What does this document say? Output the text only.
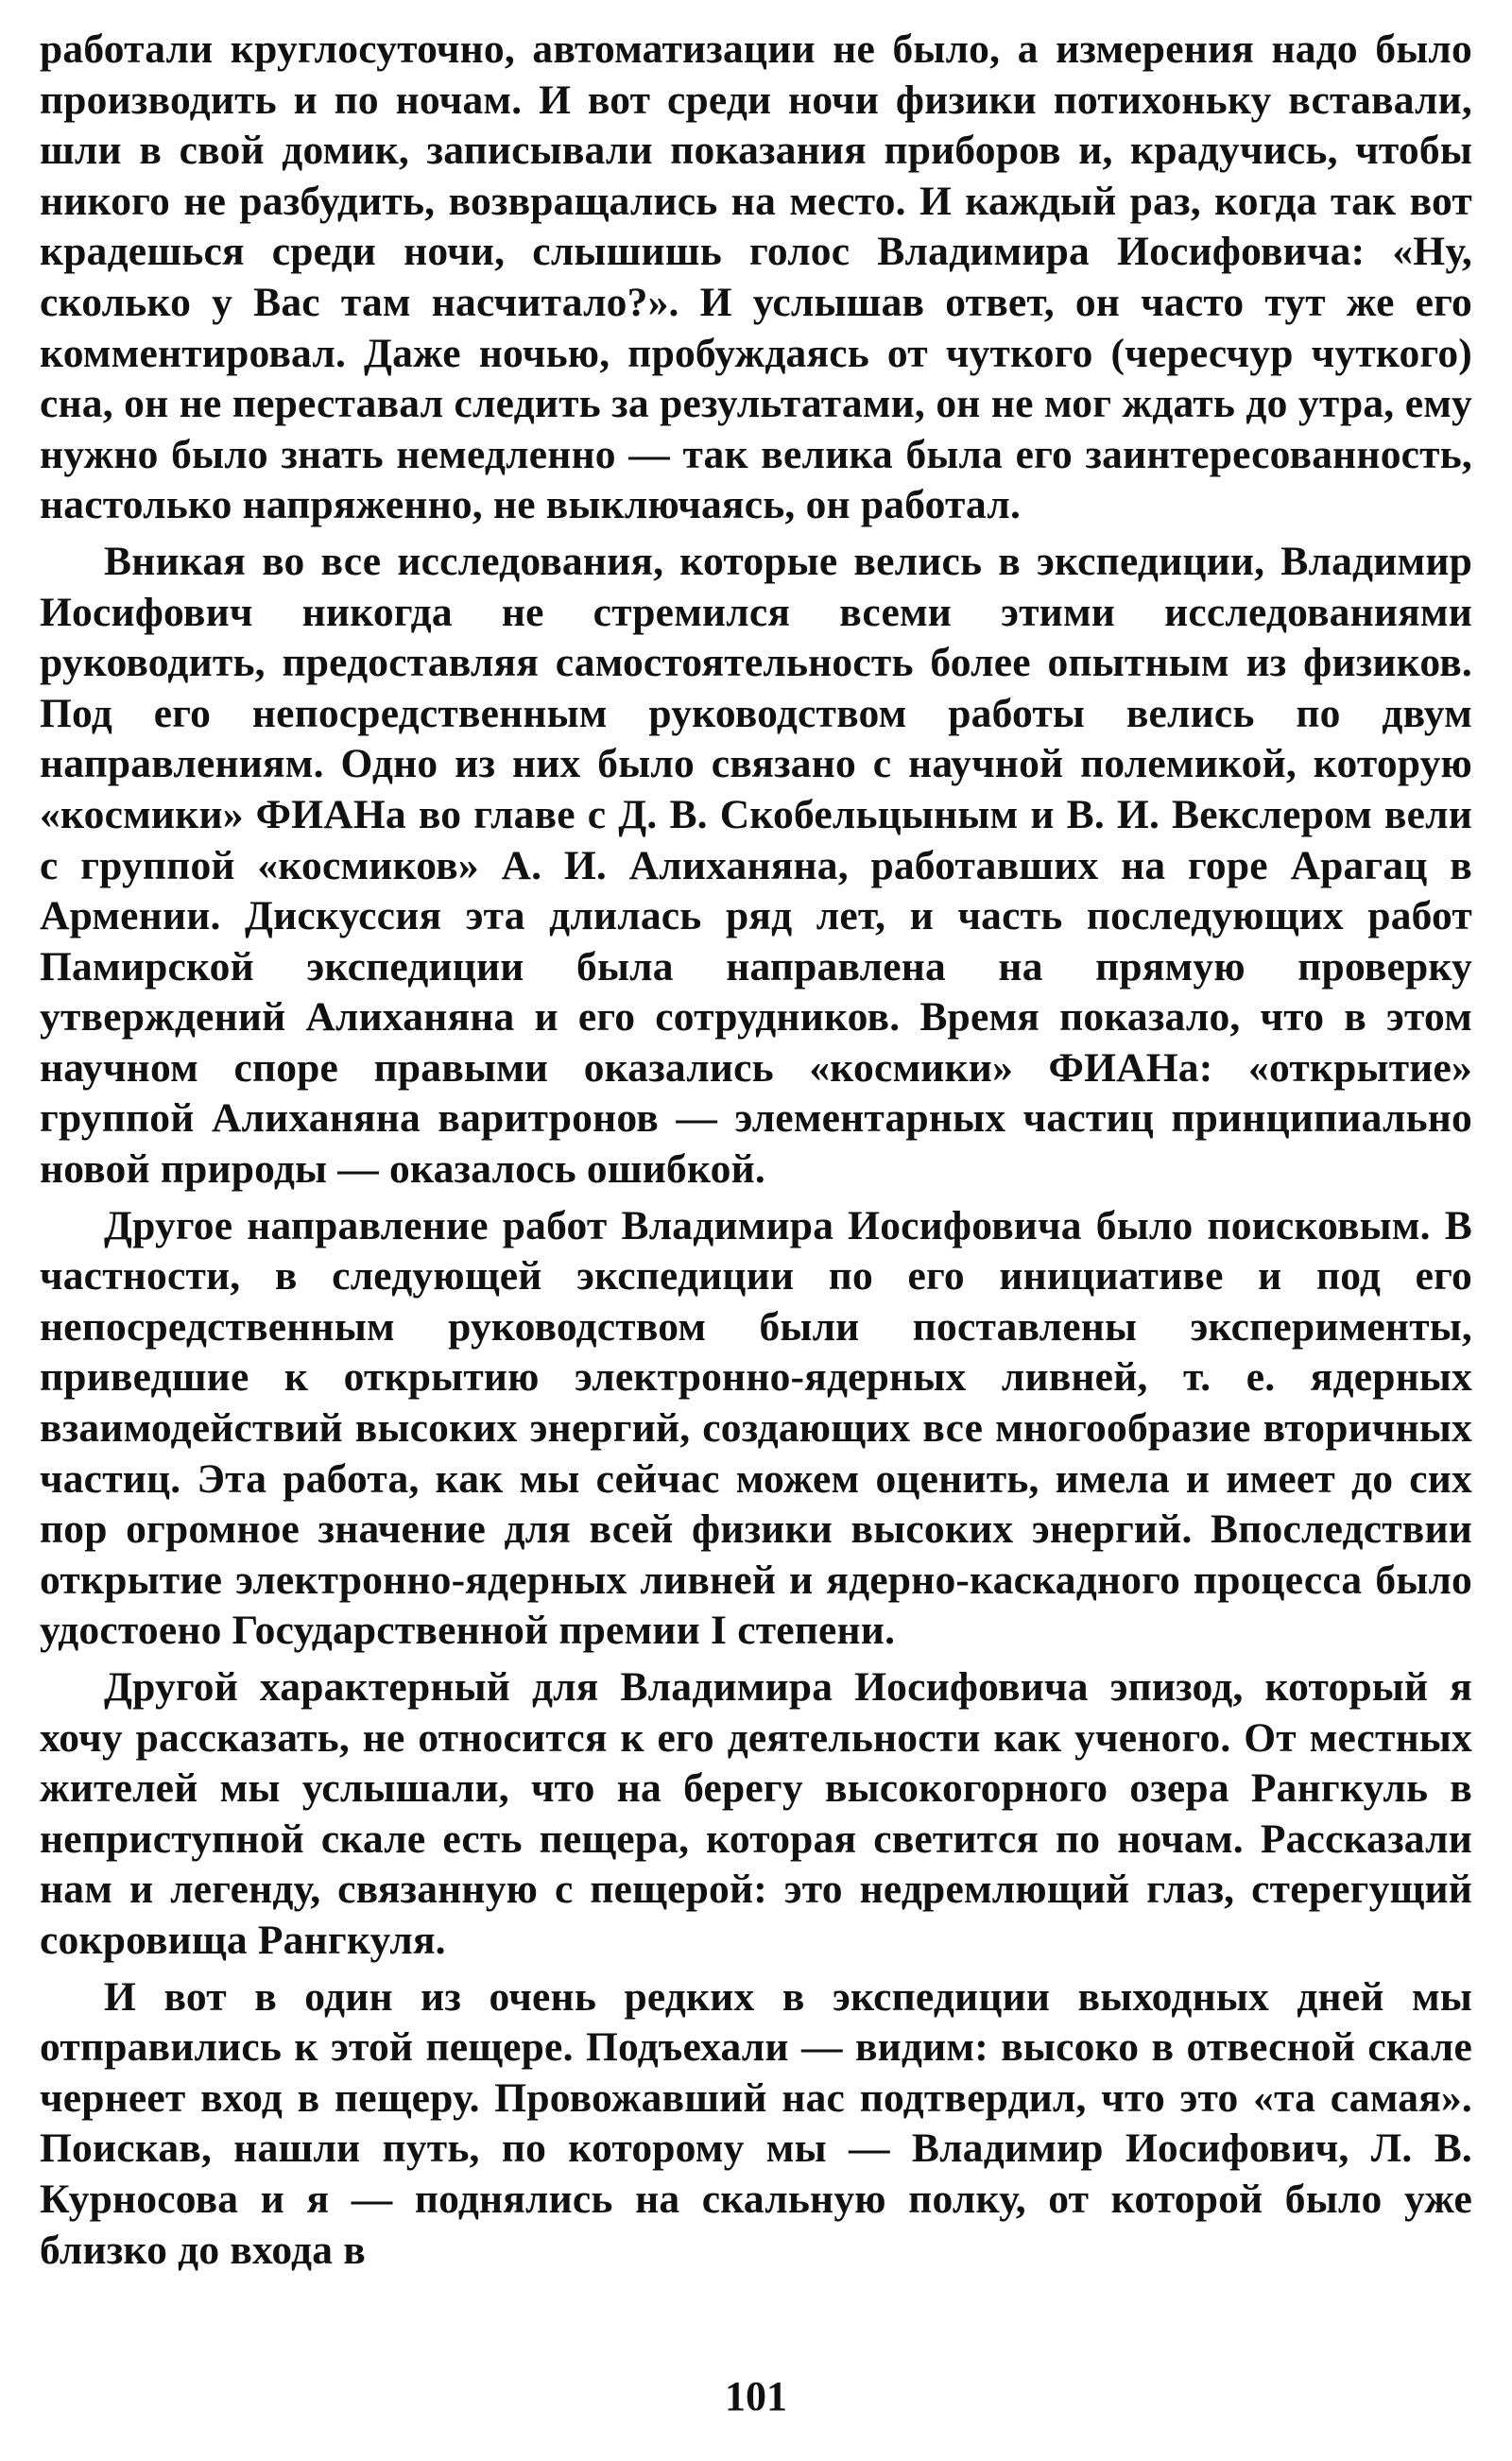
работали круглосуточно, автоматизации не было, а измерения надо было производить и по ночам. И вот среди ночи физики потихоньку вставали, шли в свой домик, записывали показания приборов и, крадучись, чтобы никого не разбудить, возвращались на место. И каждый раз, когда так вот крадешься среди ночи, слышишь голос Владимира Иосифовича: «Ну, сколько у Вас там насчитало?». И услышав ответ, он часто тут же его комментировал. Даже ночью, пробуждаясь от чуткого (чересчур чуткого) сна, он не переставал следить за результатами, он не мог ждать до утра, ему нужно было знать немедленно — так велика была его заинтересованность, настолько напряженно, не выключаясь, он работал.

Вникая во все исследования, которые велись в экспедиции, Владимир Иосифович никогда не стремился всеми этими исследованиями руководить, предоставляя самостоятельность более опытным из физиков. Под его непосредственным руководством работы велись по двум направлениям. Одно из них было связано с научной полемикой, которую «космики» ФИАНа во главе с Д. В. Скобельцыным и В. И. Векслером вели с группой «космиков» А. И. Алиханяна, работавших на горе Арагац в Армении. Дискуссия эта длилась ряд лет, и часть последующих работ Памирской экспедиции была направлена на прямую проверку утверждений Алиханяна и его сотрудников. Время показало, что в этом научном споре правыми оказались «космики» ФИАНа: «открытие» группой Алиханяна варитронов — элементарных частиц принципиально новой природы — оказалось ошибкой.

Другое направление работ Владимира Иосифовича было поисковым. В частности, в следующей экспедиции по его инициативе и под его непосредственным руководством были поставлены эксперименты, приведшие к открытию электронно-ядерных ливней, т. е. ядерных взаимодействий высоких энергий, создающих все многообразие вторичных частиц. Эта работа, как мы сейчас можем оценить, имела и имеет до сих пор огромное значение для всей физики высоких энергий. Впоследствии открытие электронно-ядерных ливней и ядерно-каскадного процесса было удостоено Государственной премии I степени.

Другой характерный для Владимира Иосифовича эпизод, который я хочу рассказать, не относится к его деятельности как ученого. От местных жителей мы услышали, что на берегу высокогорного озера Рангкуль в неприступной скале есть пещера, которая светится по ночам. Рассказали нам и легенду, связанную с пещерой: это недремлющий глаз, стерегущий сокровища Рангкуля.

И вот в один из очень редких в экспедиции выходных дней мы отправились к этой пещере. Подъехали — видим: высоко в отвесной скале чернеет вход в пещеру. Провожавший нас подтвердил, что это «та самая». Поискав, нашли путь, по которому мы — Владимир Иосифович, Л. В. Курносова и я — поднялись на скальную полку, от которой было уже близко до входа в

101
